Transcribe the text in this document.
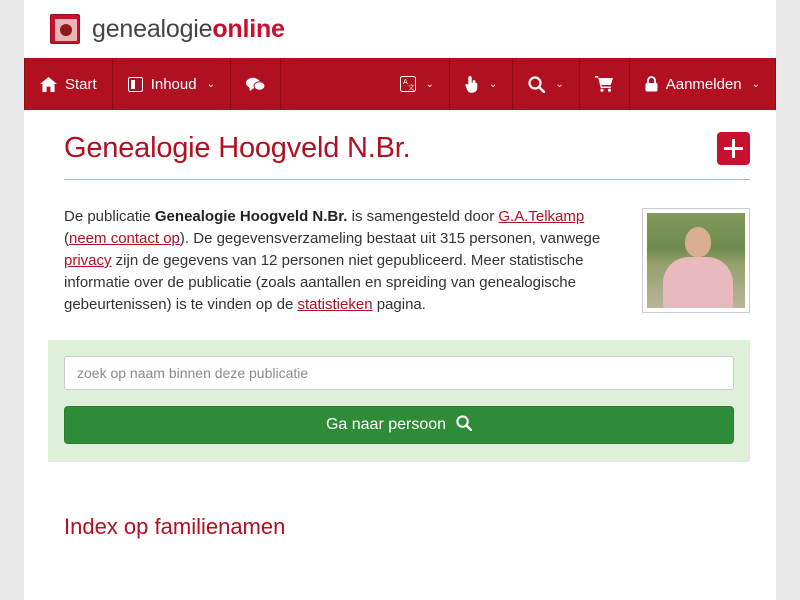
genealogieonline
Start	Inhoud ⌄	A
文 ⌄	⌄	⌄	Aanmelden ⌄
Genealogie Hoogveld N.Br.
De publicatie Genealogie Hoogveld N.Br. is samengesteld door G.A.Telkamp (neem contact op). De gegevensverzameling bestaat uit 315 personen, vanwege privacy zijn de gegevens van 12 personen niet gepubliceerd. Meer statistische informatie over de publicatie (zoals aantallen en spreiding van genealogische gebeurtenissen) is te vinden op de statistieken pagina.
zoek op naam binnen deze publicatie
Ga naar persoon
Index op familienamen
